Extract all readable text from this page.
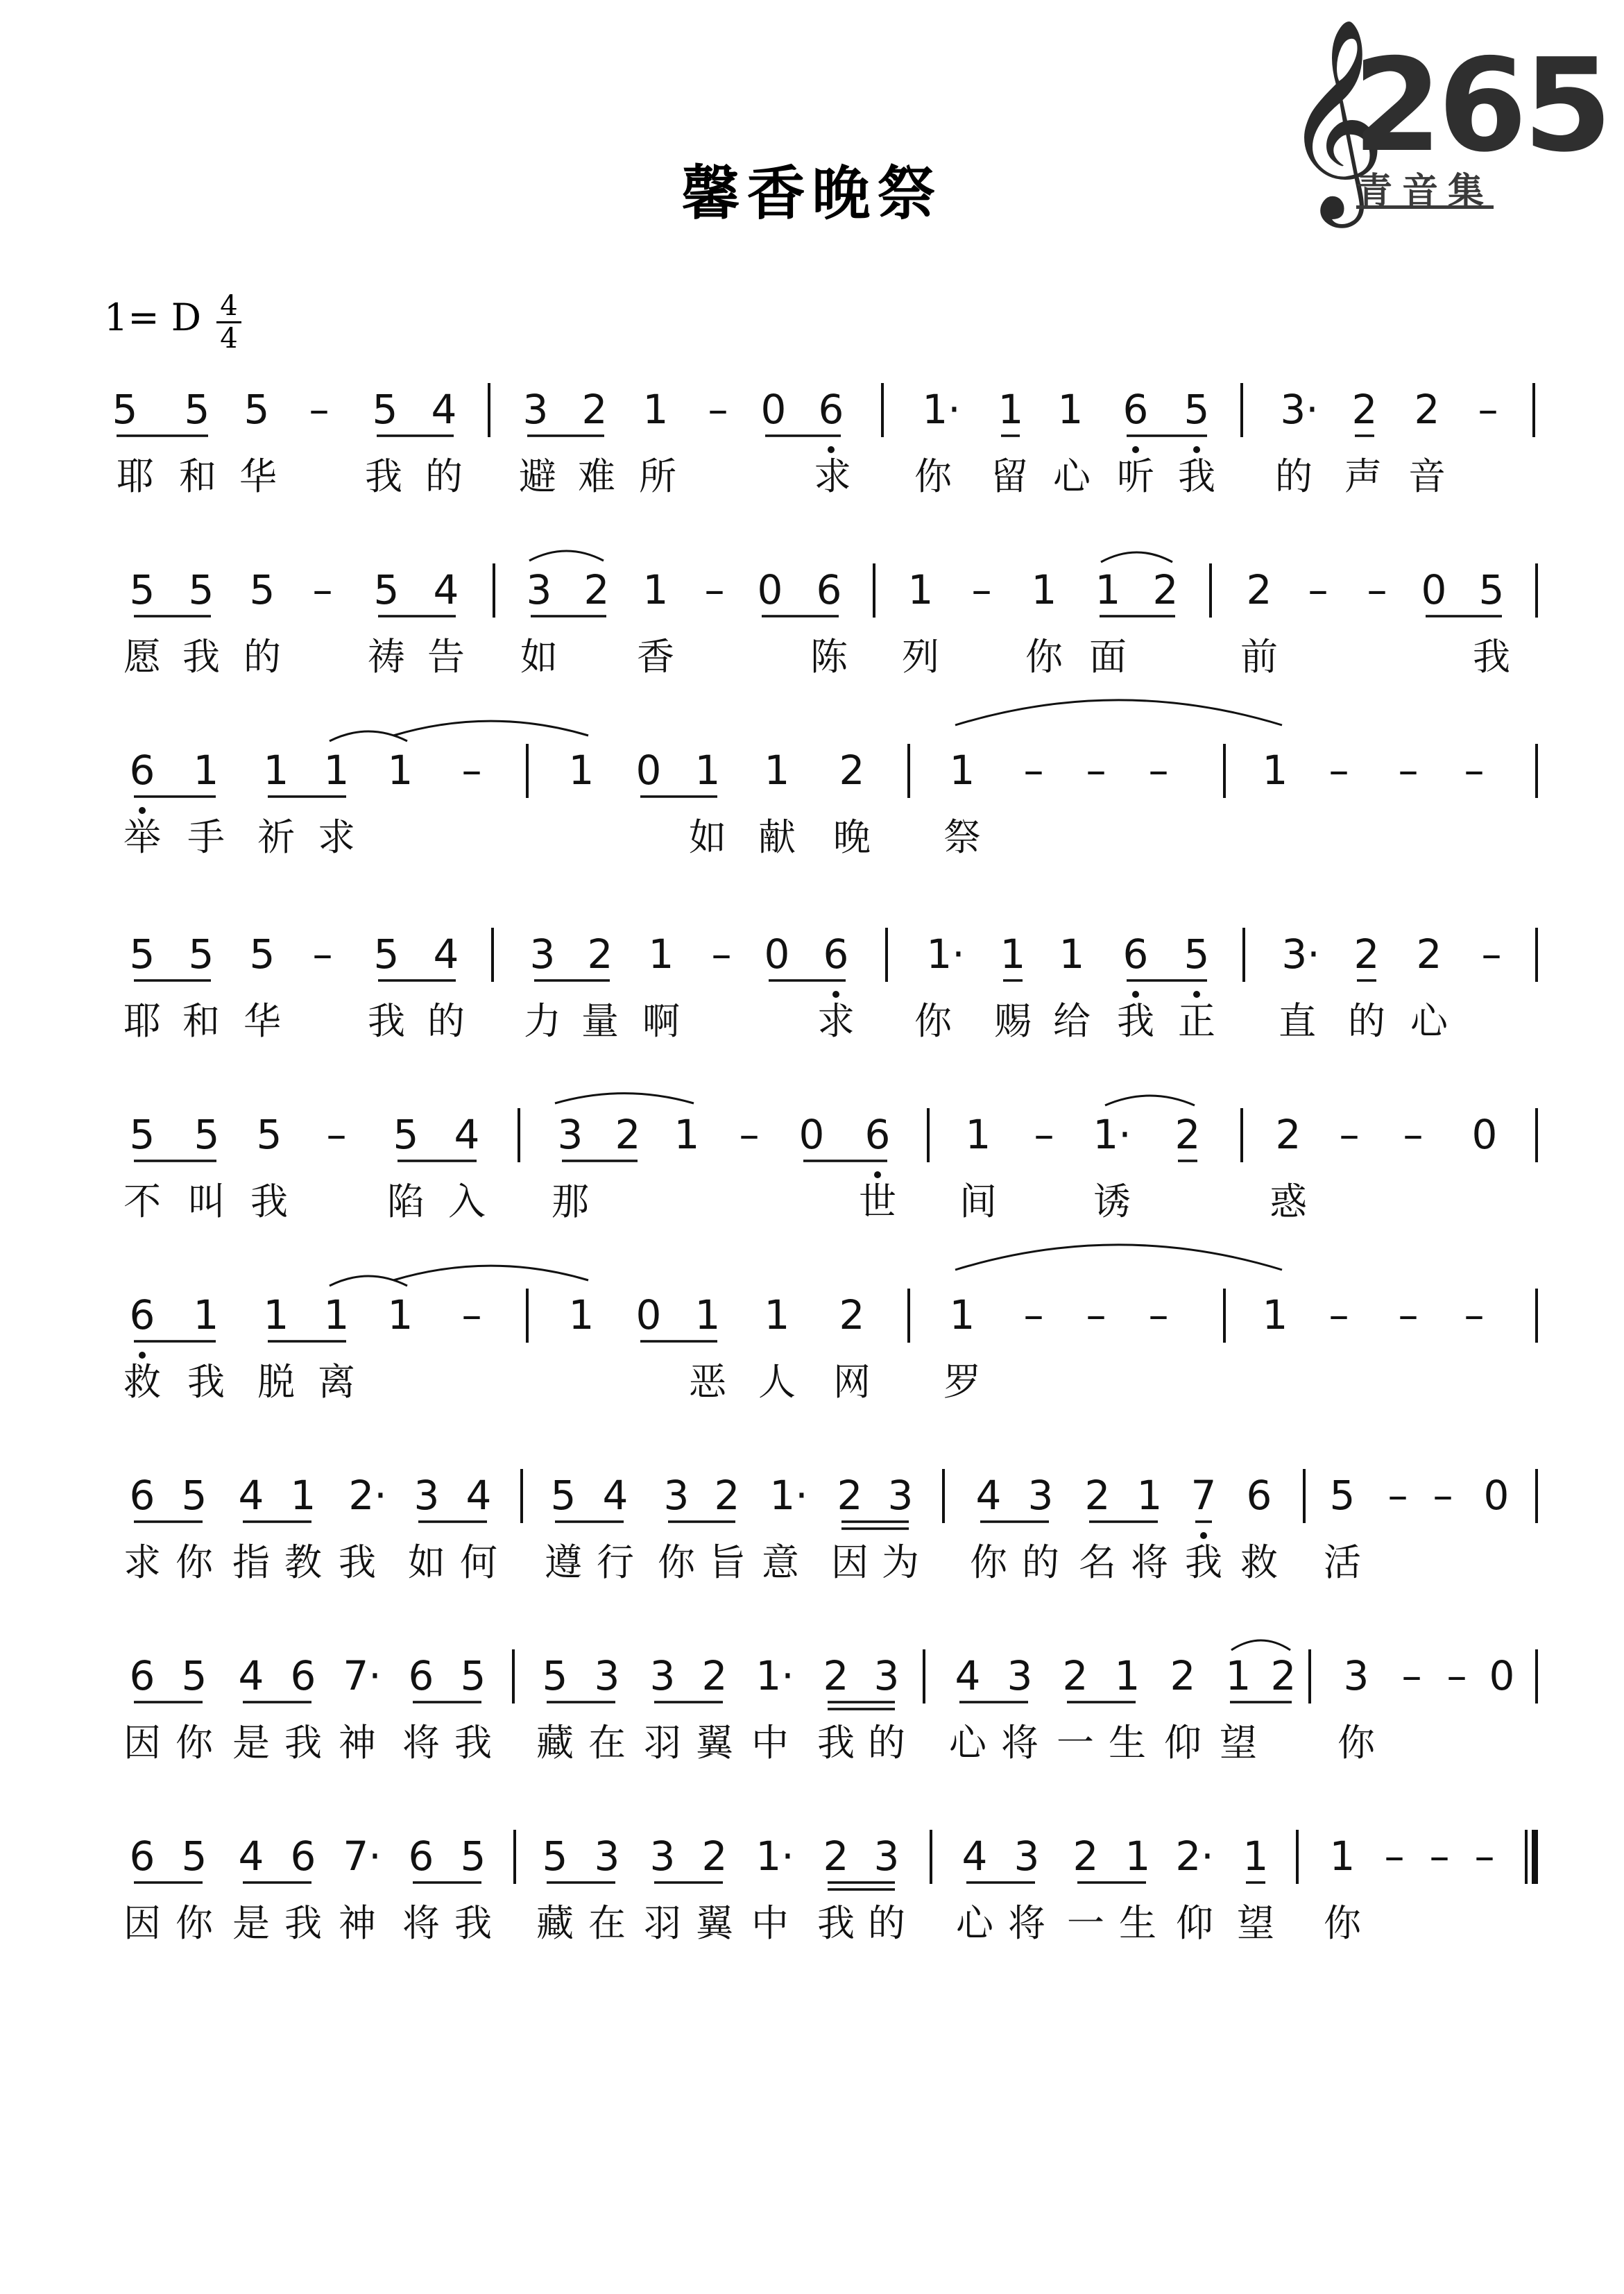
馨香晚祭	𝄞
265
青音集
1= D 4
4
5 5 5 – 5 4 3 2 1 – 0 6 1· 1 1 6 5 3· 2 2 –
耶 和 华 我 的 避 难 所	求 你 留 心 听 我 的 声 音
5 5 5 – 5 4 3 2 1 – 0 6 1 – 1 1 2 2 – – 0 5
愿 我 的 祷 告 如 香	陈 列 你 面	前	我
6 1 1 1 1 – 1 0 1 1 2 1 – – – 1 – – –
举 手 祈 求	如 献 晚 祭
5 5 5 – 5 4 3 2 1 – 0 6 1· 1 1 6 5 3· 2 2 –
耶 和 华 我 的 力 量 啊	求 你 赐 给 我 正 直 的 心
5 5 5 – 5 4 3 2 1 – 0 6 1 – 1· 2 2 – – 0
不 叫 我	陷 入 那	世 间	诱	惑
6 1 1 1 1 – 1 0 1 1 2 1 – – – 1 – – –
救 我 脱 离	恶 人 网 罗
6 5 4 1 2· 3 4 5 4 3 2 1· 2 3 4 3 2 1 7 6 5 – – 0
求 你 指 教 我 如 何 遵 行 你 旨 意 因 为 你 的 名 将 我 救 活
6 5 4 6 7· 6 5 5 3 3 2 1· 2 3 4 3 2 1 2 1 2 3 – – 0
因 你 是 我 神 将 我 藏 在 羽 翼 中 我 的 心 将 一 生 仰 望 你
6 5 4 6 7· 6 5 5 3 3 2 1· 2 3 4 3 2 1 2· 1 1 – – –
因 你 是 我 神 将 我 藏 在 羽 翼 中 我 的 心 将 一 生 仰 望 你
